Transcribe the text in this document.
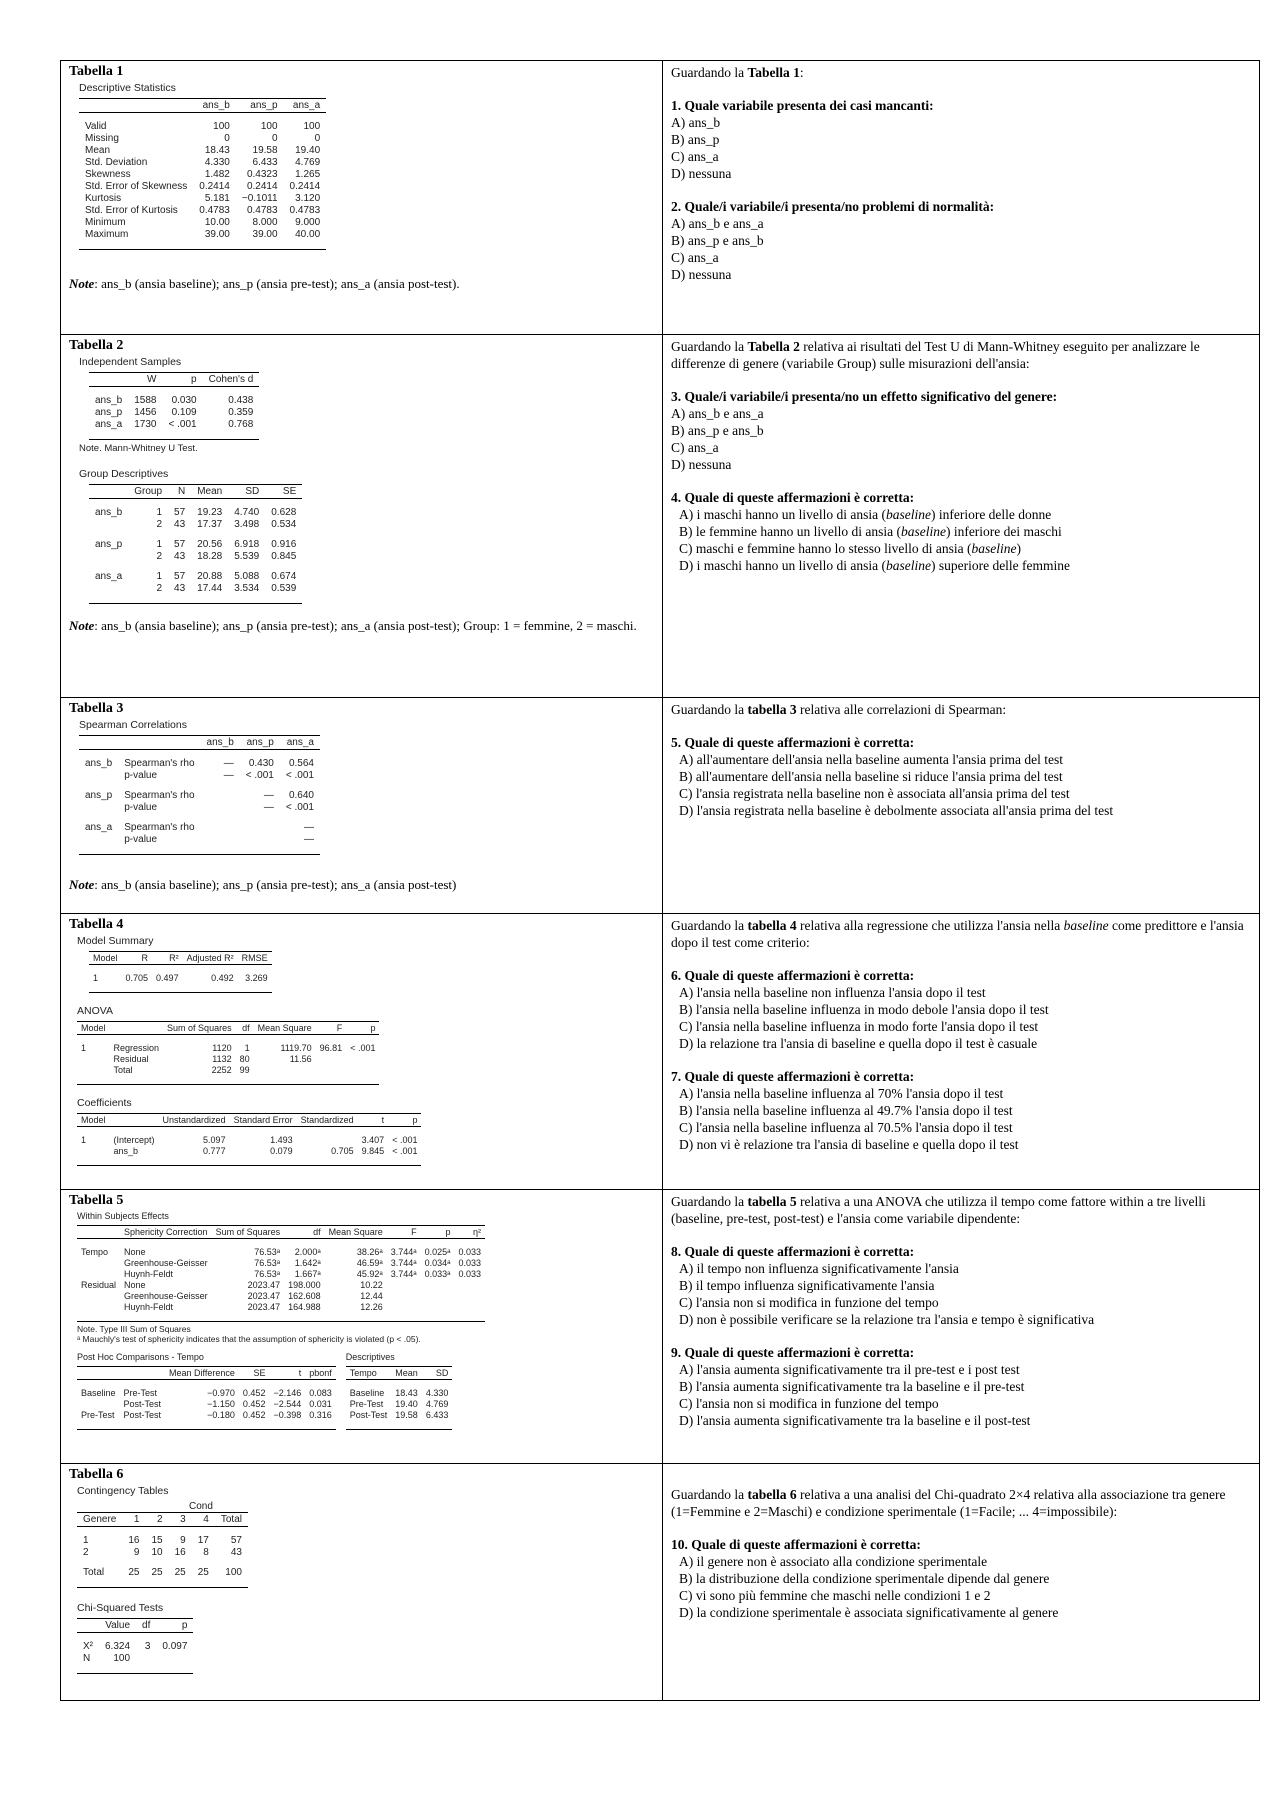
Tabella 1
Descriptive Statistics
	ans_b	ans_p	ans_a

Valid	100	100	100
Missing	0	0	0
Mean	18.43	19.58	19.40
Std. Deviation	4.330	6.433	4.769
Skewness	1.482	0.4323	1.265
Std. Error of Skewness	0.2414	0.2414	0.2414
Kurtosis	5.181	−0.1011	3.120
Std. Error of Kurtosis	0.4783	0.4783	0.4783
Minimum	10.00	8.000	9.000
Maximum	39.00	39.00	40.00

Note: ans_b (ansia baseline); ans_p (ansia pre-test); ans_a (ansia post-test).

Guardando la Tabella 1:
1. Quale variabile presenta dei casi mancanti:
A) ans_b
B) ans_p
C) ans_a
D) nessuna
2. Quale/i variabile/i presenta/no problemi di normalità:
A) ans_b e ans_a
B) ans_p e ans_b
C) ans_a
D) nessuna

Tabella 2
Independent Samples
	W	p	Cohen's d

ans_b	1588	0.030	0.438
ans_p	1456	0.109	0.359
ans_a	1730	< .001	0.768

Note. Mann-Whitney U Test.
Group Descriptives
	Group	N	Mean	SD	SE

ans_b	1	57	19.23	4.740	0.628
	2	43	17.37	3.498	0.534

ans_p	1	57	20.56	6.918	0.916
	2	43	18.28	5.539	0.845

ans_a	1	57	20.88	5.088	0.674
	2	43	17.44	3.534	0.539

Note: ans_b (ansia baseline); ans_p (ansia pre-test); ans_a (ansia post-test); Group: 1 = femmine, 2 = maschi.

Guardando la Tabella 2 relativa ai risultati del Test U di Mann-Whitney eseguito per analizzare le differenze di genere (variabile Group) sulle misurazioni dell'ansia:
3. Quale/i variabile/i presenta/no un effetto significativo del genere:
A) ans_b e ans_a
B) ans_p e ans_b
C) ans_a
D) nessuna
4. Quale di queste affermazioni è corretta:
A) i maschi hanno un livello di ansia (baseline) inferiore delle donne
B) le femmine hanno un livello di ansia (baseline) inferiore dei maschi
C) maschi e femmine hanno lo stesso livello di ansia (baseline)
D) i maschi hanno un livello di ansia (baseline) superiore delle femmine

Tabella 3
Spearman Correlations
		ans_b	ans_p	ans_a

ans_b	Spearman's rho	—	0.430	0.564
	p-value	—	< .001	< .001

ans_p	Spearman's rho		—	0.640
	p-value		—	< .001

ans_a	Spearman's rho			—
	p-value			—

Note: ans_b (ansia baseline); ans_p (ansia pre-test); ans_a (ansia post-test)

Guardando la tabella 3 relativa alle correlazioni di Spearman:
5. Quale di queste affermazioni è corretta:
A) all'aumentare dell'ansia nella baseline aumenta l'ansia prima del test
B) all'aumentare dell'ansia nella baseline si riduce l'ansia prima del test
C) l'ansia registrata nella baseline non è associata all'ansia prima del test
D) l'ansia registrata nella baseline è debolmente associata all'ansia prima del test

Tabella 4
Model Summary
Model	R	R²	Adjusted R²	RMSE

1	0.705	0.497	0.492	3.269

ANOVA
Model		Sum of Squares	df	Mean Square	F	p

1	Regression	1120	1	1119.70	96.81	< .001
	Residual	1132	80	11.56		
	Total	2252	99			

Coefficients
Model		Unstandardized	Standard Error	Standardized	t	p

1	(Intercept)	5.097	1.493		3.407	< .001
	ans_b	0.777	0.079	0.705	9.845	< .001

Guardando la tabella 4 relativa alla regressione che utilizza l'ansia nella baseline come predittore e l'ansia dopo il test come criterio:
6. Quale di queste affermazioni è corretta:
A) l'ansia nella baseline non influenza l'ansia dopo il test
B) l'ansia nella baseline influenza in modo debole l'ansia dopo il test
C) l'ansia nella baseline influenza in modo forte l'ansia dopo il test
D) la relazione tra l'ansia di baseline e quella dopo il test è casuale
7. Quale di queste affermazioni è corretta:
A) l'ansia nella baseline influenza al 70% l'ansia dopo il test
B) l'ansia nella baseline influenza al 49.7% l'ansia dopo il test
C) l'ansia nella baseline influenza al 70.5% l'ansia dopo il test
D) non vi è relazione tra l'ansia di baseline e quella dopo il test

Tabella 5
Within Subjects Effects
	Sphericity Correction	Sum of Squares	df	Mean Square	F	p	η²

Tempo	None	76.53ᵃ	2.000ᵃ	38.26ᵃ	3.744ᵃ	0.025ᵃ	0.033
	Greenhouse-Geisser	76.53ᵃ	1.642ᵃ	46.59ᵃ	3.744ᵃ	0.034ᵃ	0.033
	Huynh-Feldt	76.53ᵃ	1.667ᵃ	45.92ᵃ	3.744ᵃ	0.033ᵃ	0.033
Residual	None	2023.47	198.000	10.22			
	Greenhouse-Geisser	2023.47	162.608	12.44			
	Huynh-Feldt	2023.47	164.988	12.26			

Note. Type III Sum of Squares
ᵃ Mauchly's test of sphericity indicates that the assumption of sphericity is violated (p < .05).
Post Hoc Comparisons - Tempo
		Mean Difference	SE	t	pbonf

Baseline	Pre-Test	−0.970	0.452	−2.146	0.083
	Post-Test	−1.150	0.452	−2.544	0.031
Pre-Test	Post-Test	−0.180	0.452	−0.398	0.316

Descriptives
Tempo	Mean	SD

Baseline	18.43	4.330
Pre-Test	19.40	4.769
Post-Test	19.58	6.433

Guardando la tabella 5 relativa a una ANOVA che utilizza il tempo come fattore within a tre livelli (baseline, pre-test, post-test) e l'ansia come variabile dipendente:
8. Quale di queste affermazioni è corretta:
A) il tempo non influenza significativamente l'ansia
B) il tempo influenza significativamente l'ansia
C) l'ansia non si modifica in funzione del tempo
D) non è possibile verificare se la relazione tra l'ansia e tempo è significativa
9. Quale di queste affermazioni è corretta:
A) l'ansia aumenta significativamente tra il pre-test e i post test
B) l'ansia aumenta significativamente tra la baseline e il pre-test
C) l'ansia non si modifica in funzione del tempo
D) l'ansia aumenta significativamente tra la baseline e il post-test

Tabella 6
Contingency Tables
Cond
Genere	1	2	3	4	Total

1	16	15	9	17	57
2	9	10	16	8	43

Total	25	25	25	25	100

Chi-Squared Tests
	Value	df	p

Χ²	6.324	3	0.097
N	100		

Guardando la tabella 6 relativa a una analisi del Chi-quadrato 2×4 relativa alla associazione tra genere (1=Femmine e 2=Maschi) e condizione sperimentale (1=Facile; ... 4=impossibile):
10. Quale di queste affermazioni è corretta:
A) il genere non è associato alla condizione sperimentale
B) la distribuzione della condizione sperimentale dipende dal genere
C) vi sono più femmine che maschi nelle condizioni 1 e 2
D) la condizione sperimentale è associata significativamente al genere
